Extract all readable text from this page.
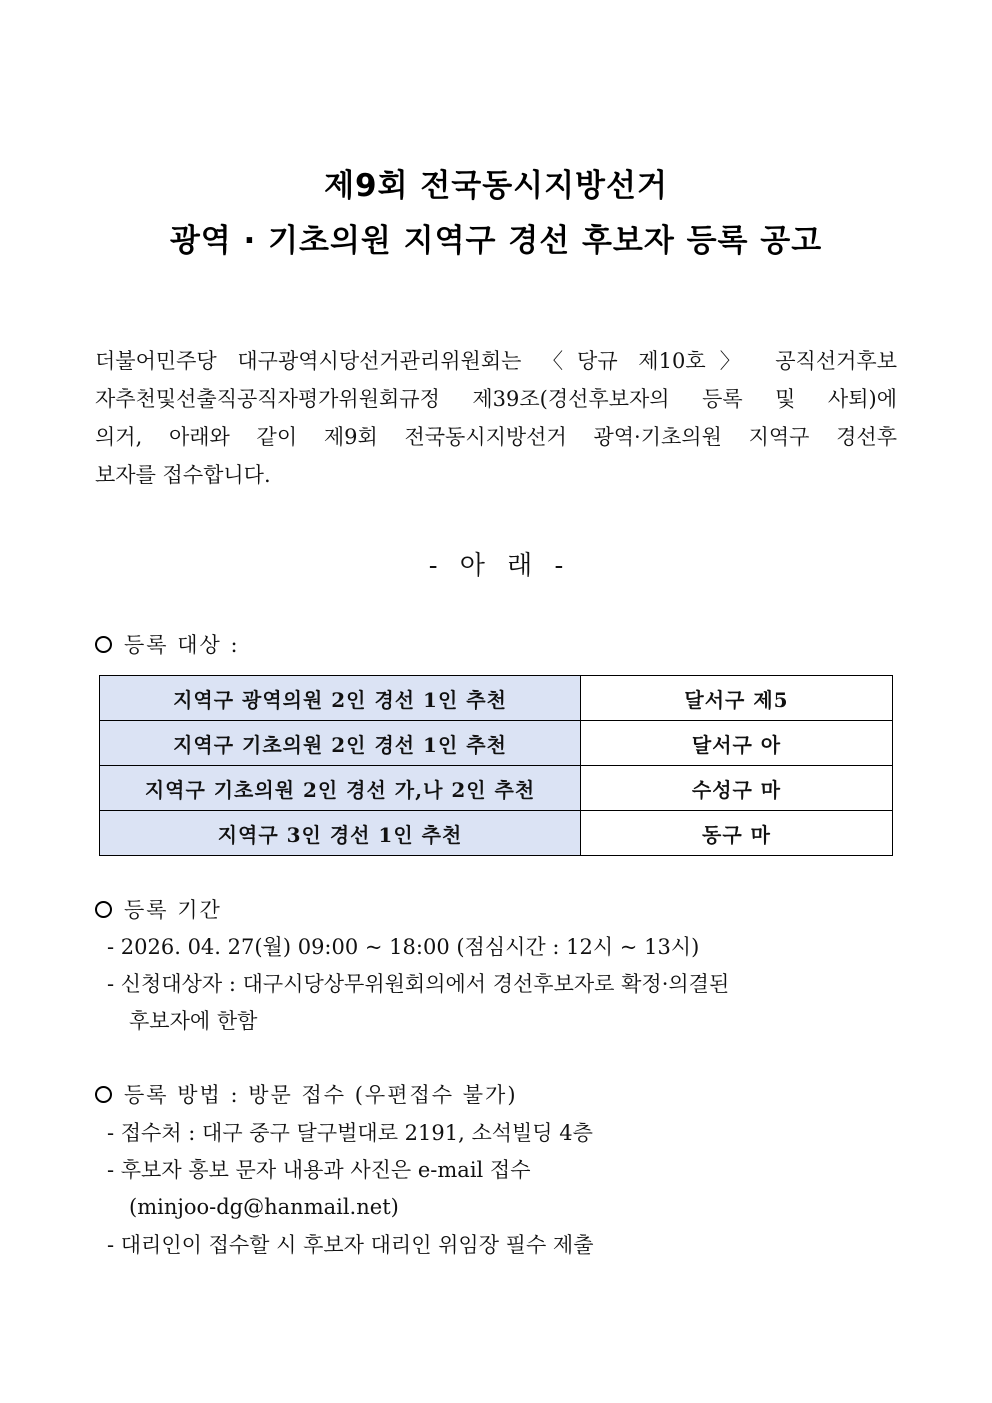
제9회 전국동시지방선거
광역 · 기초의원 지역구 경선 후보자 등록 공고
더불어민주당 대구광역시당선거관리위원회는 〈당규 제10호〉 공직선거후보
자추천및선출직공직자평가위원회규정 제39조(경선후보자의 등록 및 사퇴)에
의거, 아래와 같이 제9회 전국동시지방선거 광역·기초의원 지역구 경선후
보자를 접수합니다.
- 아 래 -
등록 대상 :
지역구 광역의원 2인 경선 1인 추천	달서구 제5
지역구 기초의원 2인 경선 1인 추천	달서구 아
지역구 기초의원 2인 경선 가,나 2인 추천	수성구 마
지역구 3인 경선 1인 추천	동구 마
등록 기간
- 2026. 04. 27(월) 09:00 ~ 18:00 (점심시간 : 12시 ~ 13시)
- 신청대상자 : 대구시당상무위원회의에서 경선후보자로 확정·의결된
후보자에 한함
등록 방법 : 방문 접수 (우편접수 불가)
- 접수처 : 대구 중구 달구벌대로 2191, 소석빌딩 4층
- 후보자 홍보 문자 내용과 사진은 e-mail 접수
(minjoo-dg@hanmail.net)
- 대리인이 접수할 시 후보자 대리인 위임장 필수 제출
